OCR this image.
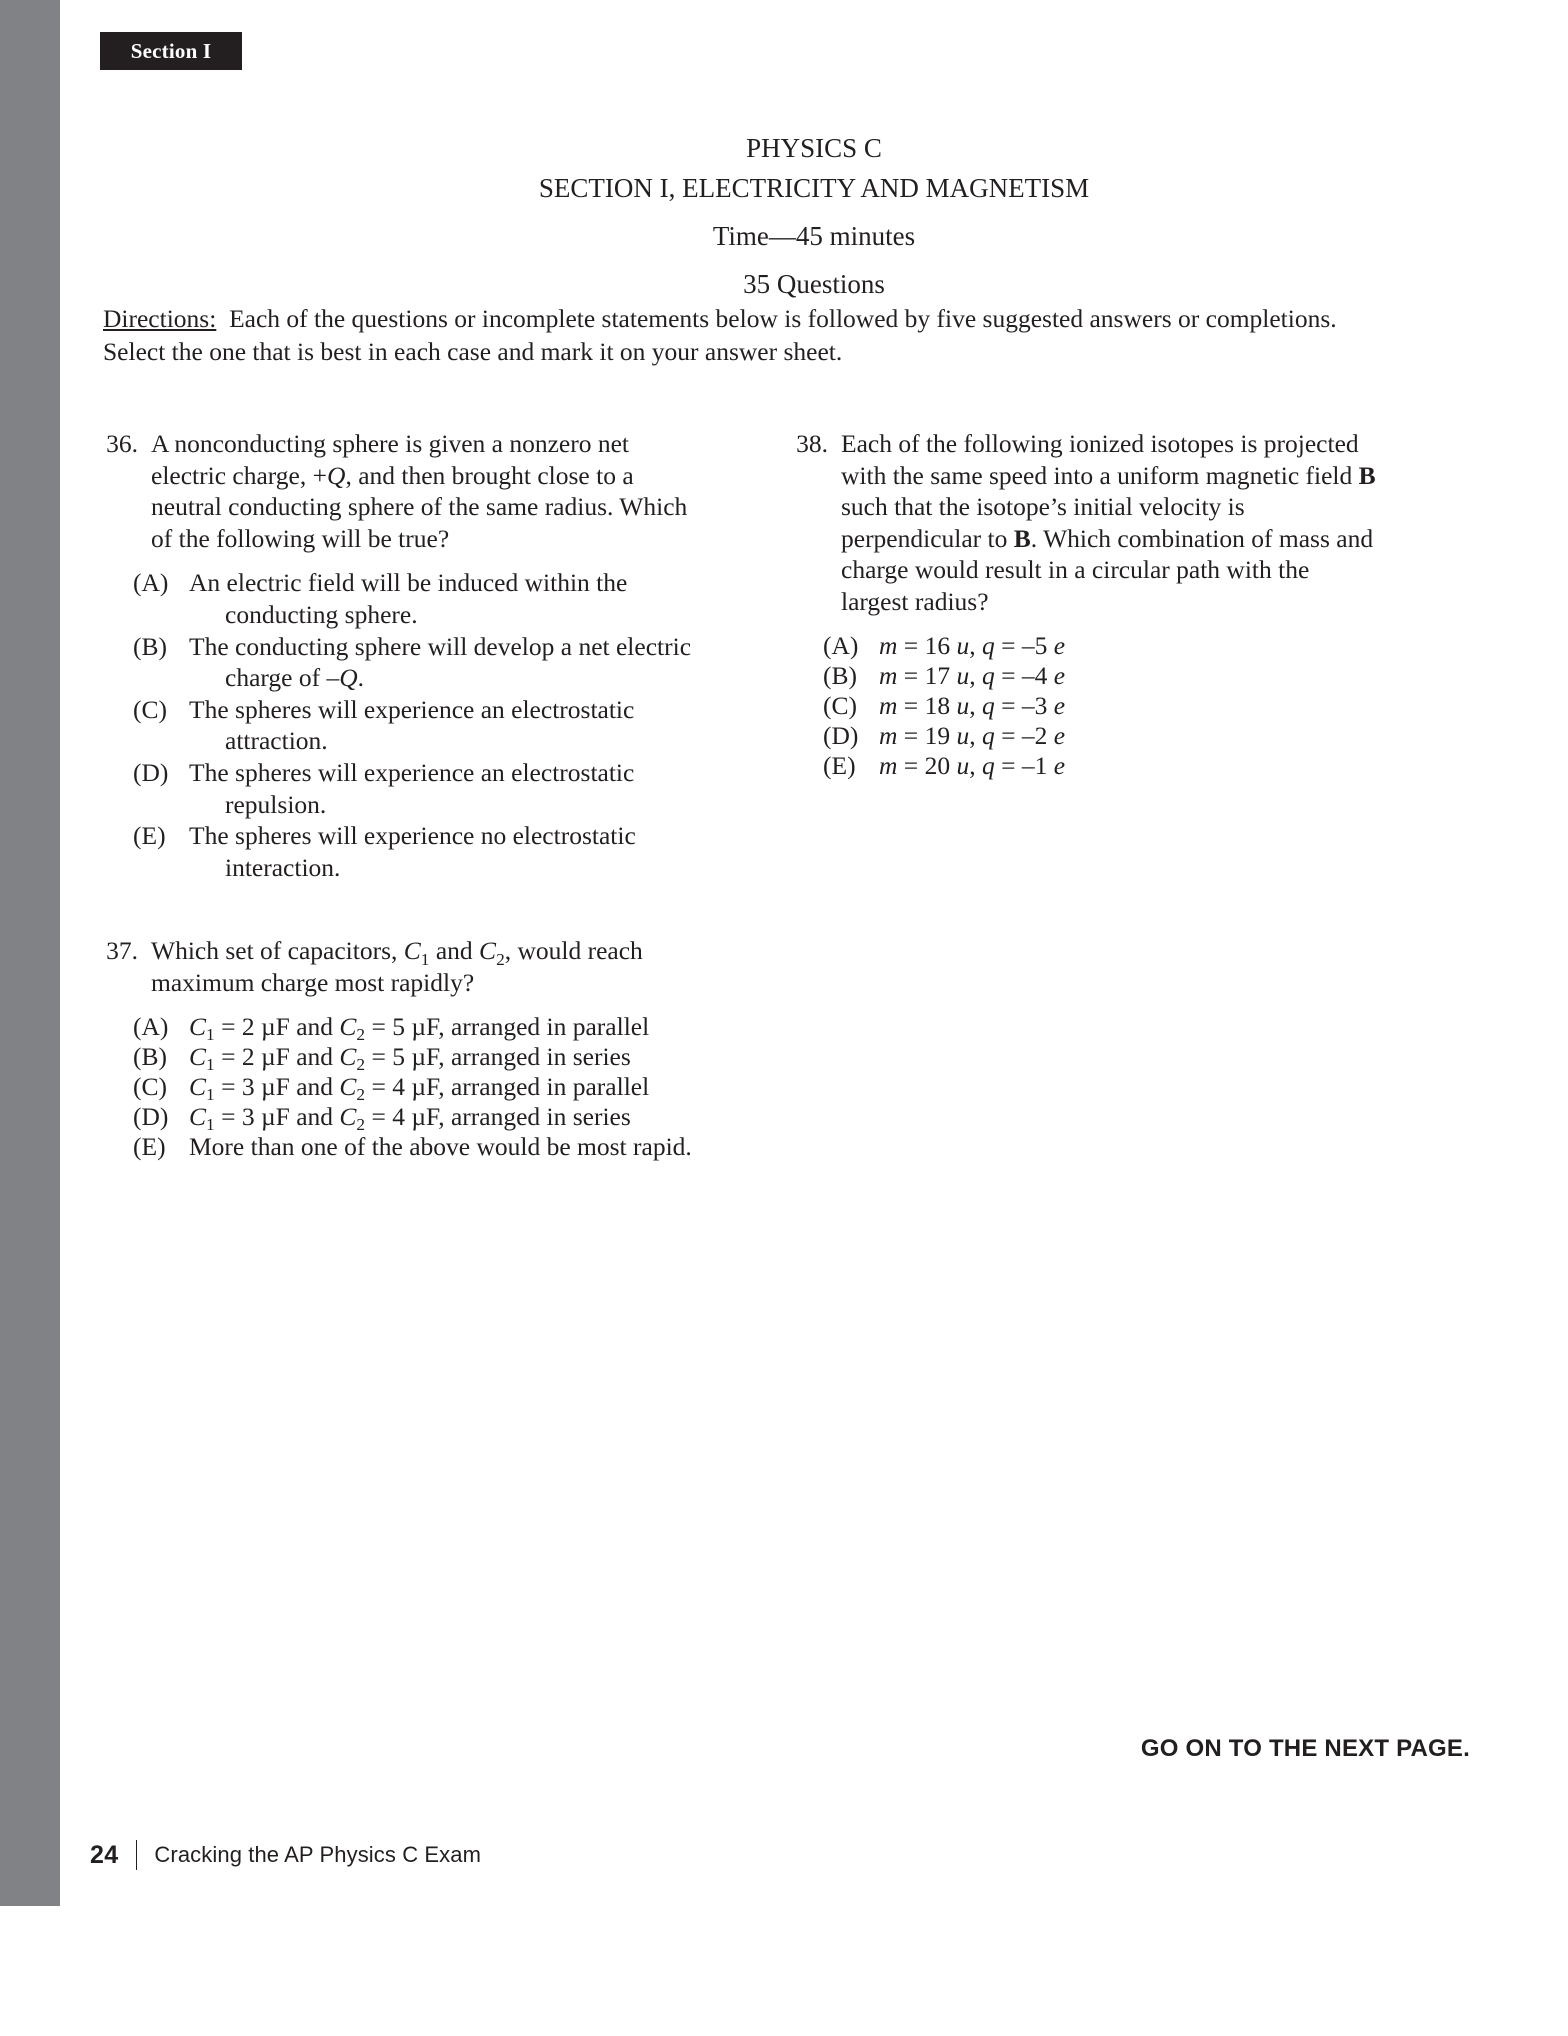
Section I
PHYSICS C
SECTION I, ELECTRICITY AND MAGNETISM
Time—45 minutes
35 Questions
Directions: Each of the questions or incomplete statements below is followed by five suggested answers or completions. Select the one that is best in each case and mark it on your answer sheet.
36. A nonconducting sphere is given a nonzero net electric charge, +Q, and then brought close to a neutral conducting sphere of the same radius. Which of the following will be true?
(A) An electric field will be induced within the
conducting sphere.
(B) The conducting sphere will develop a net electric
charge of –Q.
(C) The spheres will experience an electrostatic
attraction.
(D) The spheres will experience an electrostatic
repulsion.
(E) The spheres will experience no electrostatic
interaction.
37. Which set of capacitors, $C_1$ and $C_2$, would reach maximum charge most rapidly?
(A) $C_1 = 2$ µF and $C_2 = 5$ µF, arranged in parallel
(B) $C_1 = 2$ µF and $C_2 = 5$ µF, arranged in series
(C) $C_1 = 3$ µF and $C_2 = 4$ µF, arranged in parallel
(D) $C_1 = 3$ µF and $C_2 = 4$ µF, arranged in series
(E) More than one of the above would be most rapid.
38. Each of the following ionized isotopes is projected with the same speed into a uniform magnetic field B such that the isotope’s initial velocity is perpendicular to B. Which combination of mass and charge would result in a circular path with the largest radius?
(A) m = 16 u, q = –5 e
(B) m = 17 u, q = –4 e
(C) m = 18 u, q = –3 e
(D) m = 19 u, q = –2 e
(E) m = 20 u, q = –1 e
GO ON TO THE NEXT PAGE.
24 Cracking the AP Physics C Exam
